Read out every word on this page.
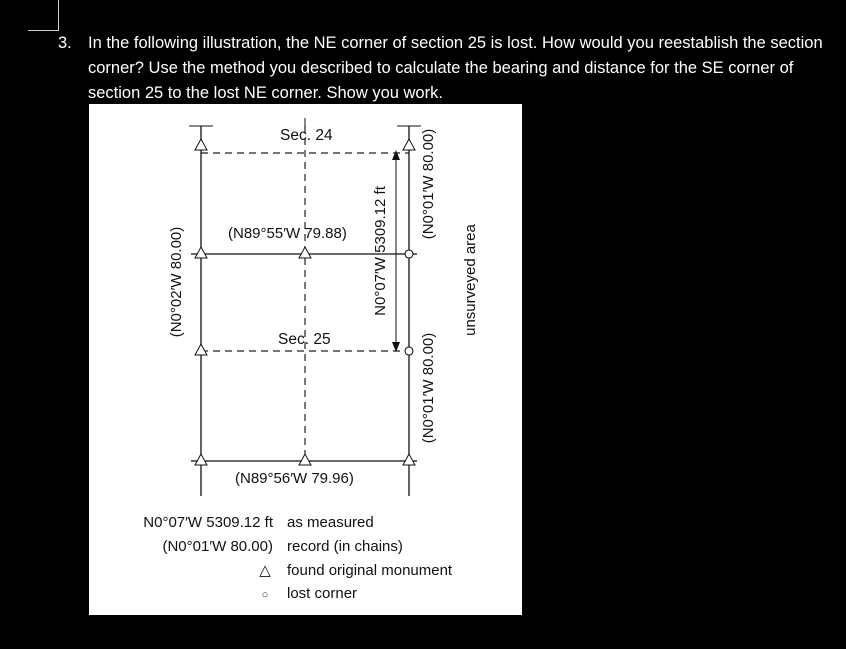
3. In the following illustration, the NE corner of section 25 is lost. How would you reestablish the section corner? Use the method you described to calculate the bearing and distance for the SE corner of section 25 to the lost NE corner. Show you work.
Sec. 24
Sec. 25
(N89°55′W 79.88)
(N89°56′W 79.96)
(N0°02′W 80.00)	N0°07′W 5309.12 ft
(N0°01′W 80.00)
(N0°01′W 80.00)
unsurveyed area
N0°07′W 5309.12 ft as measured
(N0°01′W 80.00) record (in chains)
△ found original monument
○ lost corner
